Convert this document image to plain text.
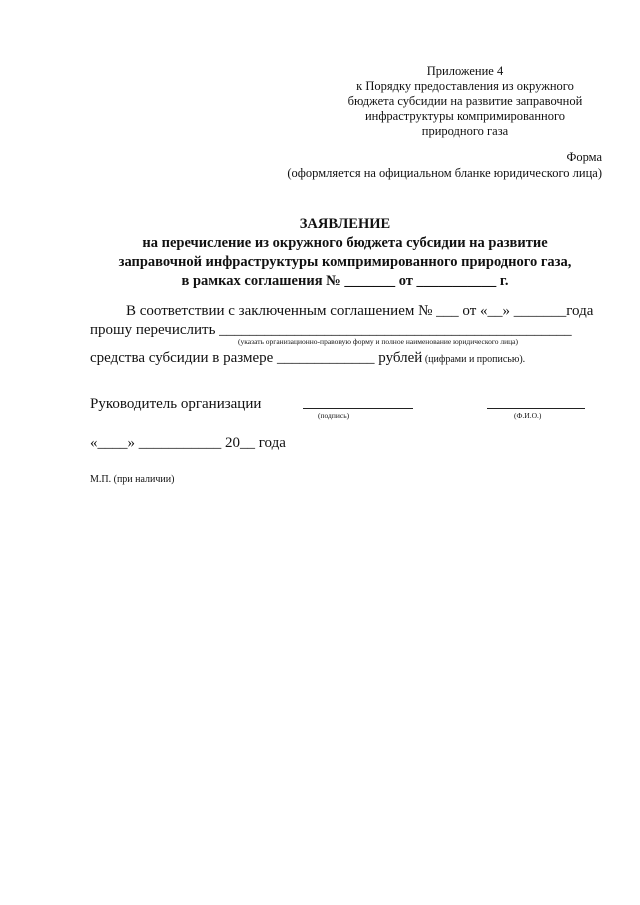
Приложение 4
к Порядку предоставления из окружного
бюджета субсидии на развитие заправочной
инфраструктуры компримированного
природного газа
Форма
(оформляется на официальном бланке юридического лица)
ЗАЯВЛЕНИЕ
на перечисление из окружного бюджета субсидии на развитие
заправочной инфраструктуры компримированного природного газа,
в рамках соглашения № _______ от ___________ г.
В соответствии с заключенным соглашением № ___ от «__» _______года
прошу перечислить _______________________________________________
(указать организационно-правовую форму и полное наименование юридического лица)
средства субсидии в размере _____________ рублей (цифрами и прописью).
Руководитель организации
(подпись)	(Ф.И.О.)
«____» ___________ 20__ года
М.П. (при наличии)
